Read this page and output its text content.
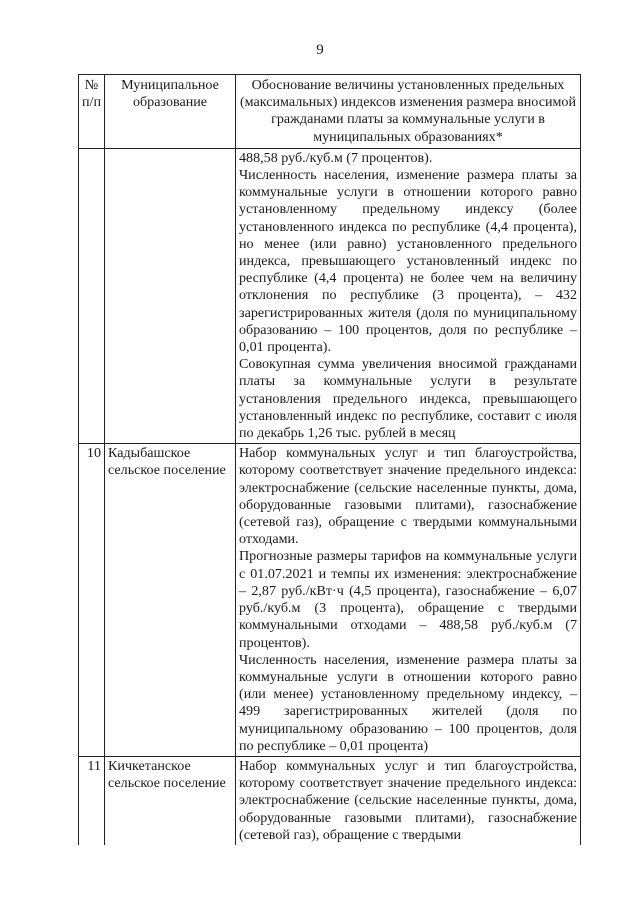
9
№ п/п	Муниципальное образование	Обоснование величины установленных предельных (максимальных) индексов изменения размера вносимой гражданами платы за коммунальные услуги в муниципальных образованиях*

		488,58 руб./куб.м (7 процентов).

Численность населения, изменение размера платы за коммунальные услуги в отношении которого равно установленному предельному индексу (более установленного индекса по республике (4,4 процента), но менее (или равно) установленного предельного индекса, превышающего установленный индекс по республике (4,4 процента) не более чем на величину отклонения по республике (3 процента), – 432 зарегистрированных жителя (доля по муниципальному образованию – 100 процентов, доля по республике – 0,01 процента).

Совокупная сумма увеличения вносимой гражданами платы за коммунальные услуги в результате установления предельного индекса, превышающего установленный индекс по республике, составит с июля по декабрь 1,26 тыс. рублей в месяц

10	Кадыбашское сельское поселение	Набор коммунальных услуг и тип благоустройства, которому соответствует значение предельного индекса: электроснабжение (сельские населенные пункты, дома, оборудованные газовыми плитами), газоснабжение (сетевой газ), обращение с твердыми коммунальными отходами.

Прогнозные размеры тарифов на коммунальные услуги с 01.07.2021 и темпы их изменения: электроснабжение – 2,87 руб./кВт·ч (4,5 процента), газоснабжение – 6,07 руб./куб.м (3 процента), обращение с твердыми коммунальными отходами – 488,58 руб./куб.м (7 процентов).

Численность населения, изменение размера платы за коммунальные услуги в отношении которого равно (или менее) установленному предельному индексу, – 499 зарегистрированных жителей (доля по муниципальному образованию – 100 процентов, доля по республике – 0,01 процента)

11	Кичкетанское сельское поселение	Набор коммунальных услуг и тип благоустройства, которому соответствует значение предельного индекса: электроснабжение (сельские населенные пункты, дома, оборудованные газовыми плитами), газоснабжение (сетевой газ), обращение с твердыми
